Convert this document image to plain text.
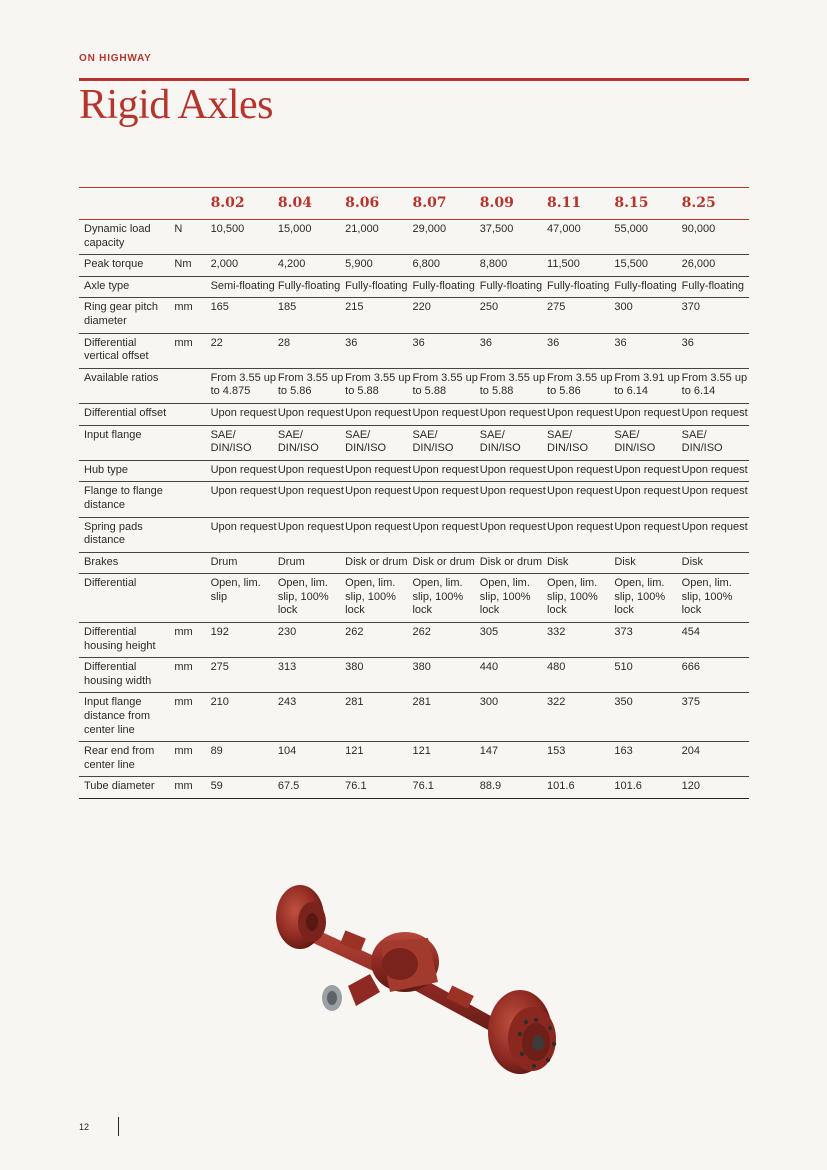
ON HIGHWAY
Rigid Axles
		8.02	8.04	8.06	8.07	8.09	8.11	8.15	8.25
Dynamic load capacity	N	10,500	15,000	21,000	29,000	37,500	47,000	55,000	90,000
Peak torque	Nm	2,000	4,200	5,900	6,800	8,800	11,500	15,500	26,000
Axle type		Semi-floating	Fully-floating	Fully-floating	Fully-floating	Fully-floating	Fully-floating	Fully-floating	Fully-floating
Ring gear pitch diameter	mm	165	185	215	220	250	275	300	370
Differential vertical offset	mm	22	28	36	36	36	36	36	36
Available ratios		From 3.55 up to 4.875	From 3.55 up to 5.86	From 3.55 up to 5.88	From 3.55 up to 5.88	From 3.55 up to 5.88	From 3.55 up to 5.86	From 3.91 up to 6.14	From 3.55 up to 6.14
Differential offset		Upon request	Upon request	Upon request	Upon request	Upon request	Upon request	Upon request	Upon request
Input flange		SAE/ DIN/ISO	SAE/ DIN/ISO	SAE/ DIN/ISO	SAE/ DIN/ISO	SAE/ DIN/ISO	SAE/ DIN/ISO	SAE/ DIN/ISO	SAE/ DIN/ISO
Hub type		Upon request	Upon request	Upon request	Upon request	Upon request	Upon request	Upon request	Upon request
Flange to flange distance		Upon request	Upon request	Upon request	Upon request	Upon request	Upon request	Upon request	Upon request
Spring pads distance		Upon request	Upon request	Upon request	Upon request	Upon request	Upon request	Upon request	Upon request
Brakes		Drum	Drum	Disk or drum	Disk or drum	Disk or drum	Disk	Disk	Disk
Differential		Open, lim. slip	Open, lim. slip, 100% lock	Open, lim. slip, 100% lock	Open, lim. slip, 100% lock	Open, lim. slip, 100% lock	Open, lim. slip, 100% lock	Open, lim. slip, 100% lock	Open, lim. slip, 100% lock
Differential housing height	mm	192	230	262	262	305	332	373	454
Differential housing width	mm	275	313	380	380	440	480	510	666
Input flange distance from center line	mm	210	243	281	281	300	322	350	375
Rear end from center line	mm	89	104	121	121	147	153	163	204
Tube diameter	mm	59	67.5	76.1	76.1	88.9	101.6	101.6	120
12
